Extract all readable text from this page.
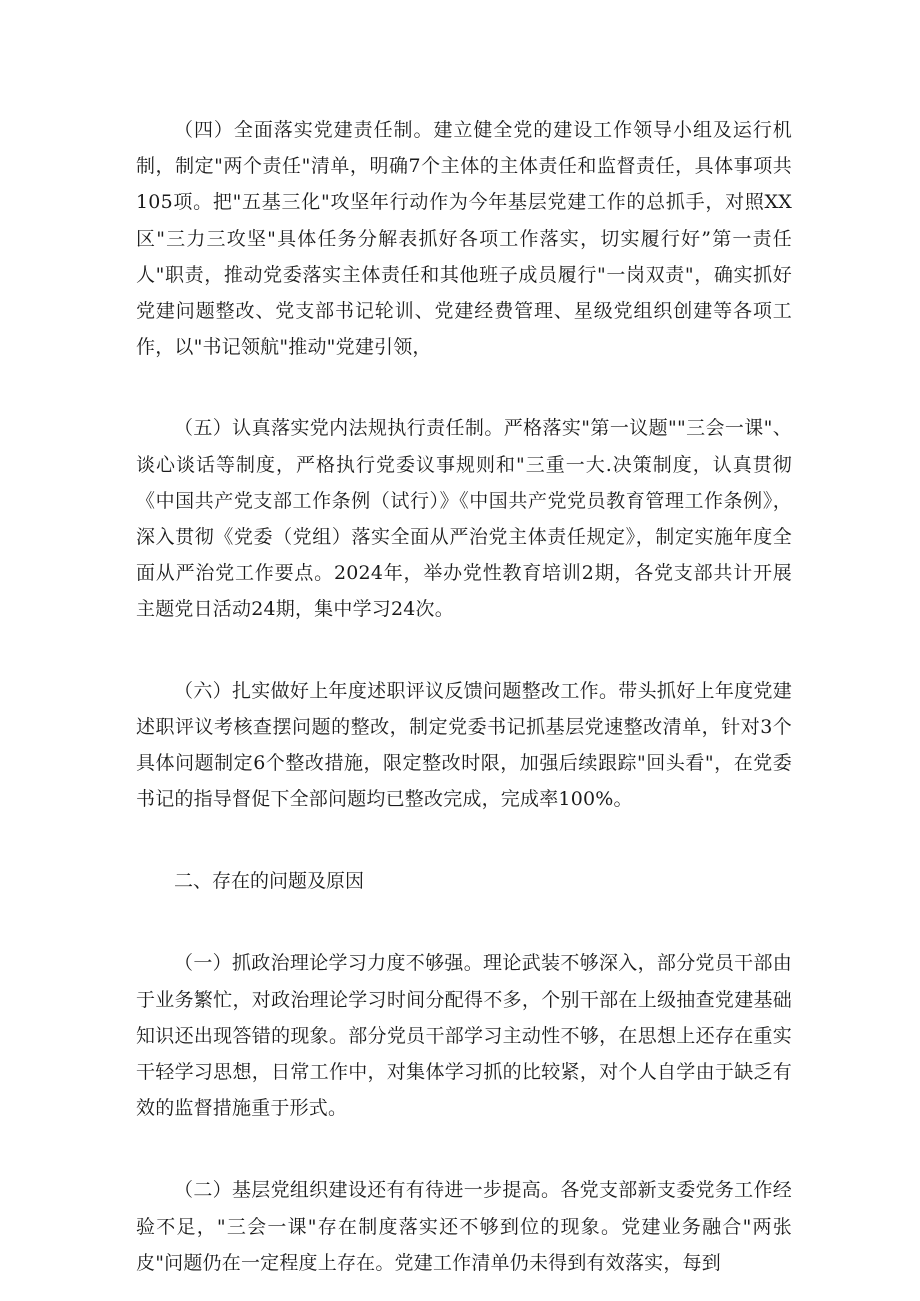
（四）全面落实党建责任制。建立健全党的建设工作领导小组及运行机制，制定"两个责任"清单，明确7个主体的主体责任和监督责任，具体事项共105项。把"五基三化"攻坚年行动作为今年基层党建工作的总抓手，对照XX区"三力三攻坚"具体任务分解表抓好各项工作落实，切实履行好”第一责任人"职责，推动党委落实主体责任和其他班子成员履行"一岗双责"，确实抓好党建问题整改、党支部书记轮训、党建经费管理、星级党组织创建等各项工作，以"书记领航"推动"党建引领，

（五）认真落实党内法规执行责任制。严格落实"第一议题""三会一课"、谈心谈话等制度，严格执行党委议事规则和"三重一大.决策制度，认真贯彻《中国共产党支部工作条例（试行）》《中国共产党党员教育管理工作条例》，深入贯彻《党委（党组）落实全面从严治党主体责任规定》，制定实施年度全面从严治党工作要点。2024年，举办党性教育培训2期，各党支部共计开展主题党日活动24期，集中学习24次。

（六）扎实做好上年度述职评议反馈问题整改工作。带头抓好上年度党建述职评议考核查摆问题的整改，制定党委书记抓基层党速整改清单，针对3个具体问题制定6个整改措施，限定整改时限，加强后续跟踪"回头看"，在党委书记的指导督促下全部问题均已整改完成，完成率100%。

二、存在的问题及原因

（一）抓政治理论学习力度不够强。理论武装不够深入，部分党员干部由于业务繁忙，对政治理论学习时间分配得不多，个别干部在上级抽查党建基础知识还出现答错的现象。部分党员干部学习主动性不够，在思想上还存在重实干轻学习思想，日常工作中，对集体学习抓的比较紧，对个人自学由于缺乏有效的监督措施重于形式。

（二）基层党组织建设还有有待进一步提高。各党支部新支委党务工作经验不足，"三会一课"存在制度落实还不够到位的现象。党建业务融合"两张皮"问题仍在一定程度上存在。党建工作清单仍未得到有效落实，每到
